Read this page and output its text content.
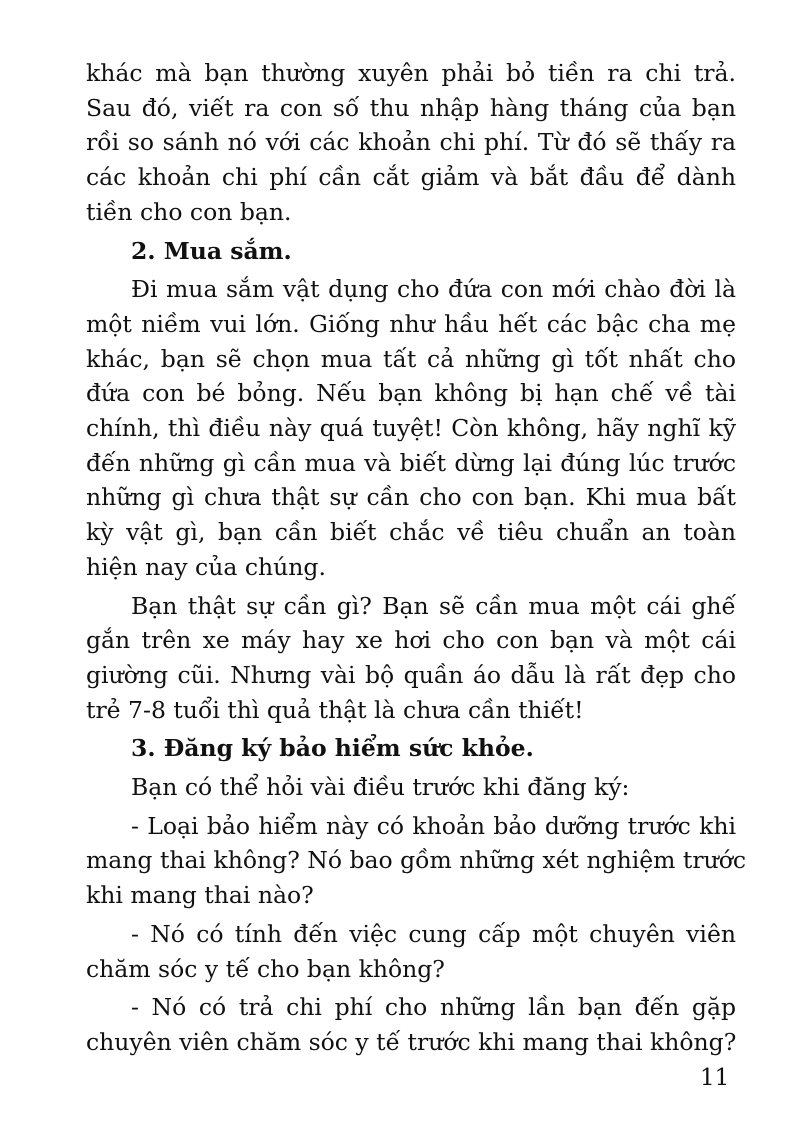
khác mà bạn thường xuyên phải bỏ tiền ra chi trả.
Sau đó, viết ra con số thu nhập hàng tháng của bạn
rồi so sánh nó với các khoản chi phí. Từ đó sẽ thấy ra
các khoản chi phí cần cắt giảm và bắt đầu để dành
tiền cho con bạn.

2. Mua sắm.

Đi mua sắm vật dụng cho đứa con mới chào đời là
một niềm vui lớn. Giống như hầu hết các bậc cha mẹ
khác, bạn sẽ chọn mua tất cả những gì tốt nhất cho
đứa con bé bỏng. Nếu bạn không bị hạn chế về tài
chính, thì điều này quá tuyệt! Còn không, hãy nghĩ kỹ
đến những gì cần mua và biết dừng lại đúng lúc trước
những gì chưa thật sự cần cho con bạn. Khi mua bất
kỳ vật gì, bạn cần biết chắc về tiêu chuẩn an toàn
hiện nay của chúng.

Bạn thật sự cần gì? Bạn sẽ cần mua một cái ghế
gắn trên xe máy hay xe hơi cho con bạn và một cái
giường cũi. Nhưng vài bộ quần áo dẫu là rất đẹp cho
trẻ 7-8 tuổi thì quả thật là chưa cần thiết!

3. Đăng ký bảo hiểm sức khỏe.

Bạn có thể hỏi vài điều trước khi đăng ký:

- Loại bảo hiểm này có khoản bảo dưỡng trước khi
mang thai không? Nó bao gồm những xét nghiệm trước
khi mang thai nào?

- Nó có tính đến việc cung cấp một chuyên viên
chăm sóc y tế cho bạn không?

- Nó có trả chi phí cho những lần bạn đến gặp
chuyên viên chăm sóc y tế trước khi mang thai không?

11
